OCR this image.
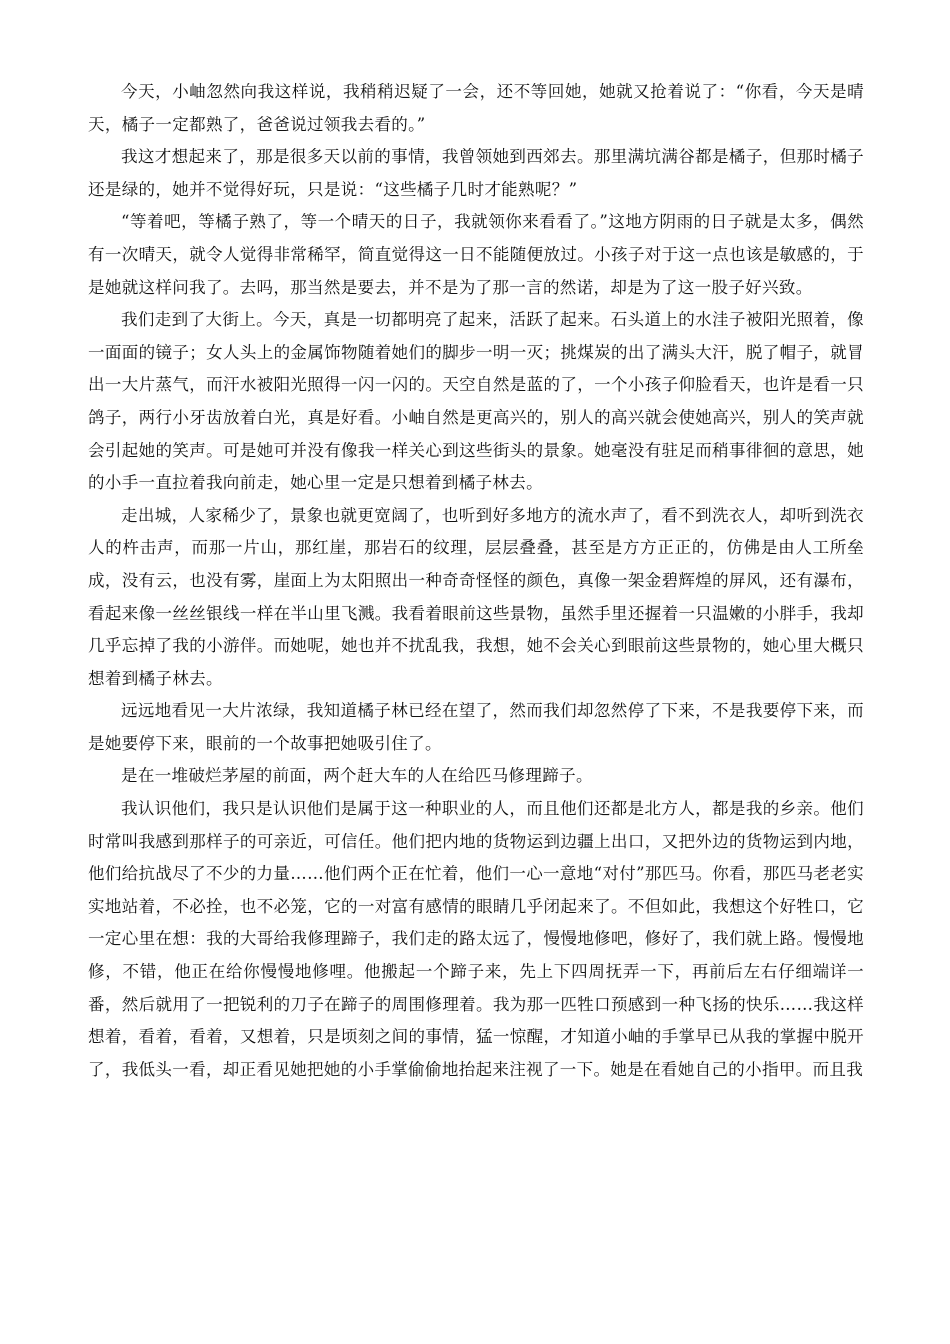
今天，小岫忽然向我这样说，我稍稍迟疑了一会，还不等回她，她就又抢着说了：“你看，今天是晴天，橘子一定都熟了，爸爸说过领我去看的。”

我这才想起来了，那是很多天以前的事情，我曾领她到西郊去。那里满坑满谷都是橘子，但那时橘子还是绿的，她并不觉得好玩，只是说：“这些橘子几时才能熟呢？”

“等着吧，等橘子熟了，等一个晴天的日子，我就领你来看看了。”这地方阴雨的日子就是太多，偶然有一次晴天，就令人觉得非常稀罕，简直觉得这一日不能随便放过。小孩子对于这一点也该是敏感的，于是她就这样问我了。去吗，那当然是要去，并不是为了那一言的然诺，却是为了这一股子好兴致。

我们走到了大街上。今天，真是一切都明亮了起来，活跃了起来。石头道上的水洼子被阳光照着，像一面面的镜子；女人头上的金属饰物随着她们的脚步一明一灭；挑煤炭的出了满头大汗，脱了帽子，就冒出一大片蒸气，而汗水被阳光照得一闪一闪的。天空自然是蓝的了，一个小孩子仰脸看天，也许是看一只鸽子，两行小牙齿放着白光，真是好看。小岫自然是更高兴的，别人的高兴就会使她高兴，别人的笑声就会引起她的笑声。可是她可并没有像我一样关心到这些街头的景象。她毫没有驻足而稍事徘徊的意思，她的小手一直拉着我向前走，她心里一定是只想着到橘子林去。

走出城，人家稀少了，景象也就更宽阔了，也听到好多地方的流水声了，看不到洗衣人，却听到洗衣人的杵击声，而那一片山，那红崖，那岩石的纹理，层层叠叠，甚至是方方正正的，仿佛是由人工所垒成，没有云，也没有雾，崖面上为太阳照出一种奇奇怪怪的颜色，真像一架金碧辉煌的屏风，还有瀑布，看起来像一丝丝银线一样在半山里飞溅。我看着眼前这些景物，虽然手里还握着一只温嫩的小胖手，我却几乎忘掉了我的小游伴。而她呢，她也并不扰乱我，我想，她不会关心到眼前这些景物的，她心里大概只想着到橘子林去。

远远地看见一大片浓绿，我知道橘子林已经在望了，然而我们却忽然停了下来，不是我要停下来，而是她要停下来，眼前的一个故事把她吸引住了。

是在一堆破烂茅屋的前面，两个赶大车的人在给匹马修理蹄子。

我认识他们，我只是认识他们是属于这一种职业的人，而且他们还都是北方人，都是我的乡亲。他们时常叫我感到那样子的可亲近，可信任。他们把内地的货物运到边疆上出口，又把外边的货物运到内地，他们给抗战尽了不少的力量……他们两个正在忙着，他们一心一意地“对付”那匹马。你看，那匹马老老实实地站着，不必拴，也不必笼，它的一对富有感情的眼睛几乎闭起来了。不但如此，我想这个好牲口，它一定心里在想：我的大哥给我修理蹄子，我们走的路太远了，慢慢地修吧，修好了，我们就上路。慢慢地修，不错，他正在给你慢慢地修哩。他搬起一个蹄子来，先上下四周抚弄一下，再前后左右仔细端详一番，然后就用了一把锐利的刀子在蹄子的周围修理着。我为那一匹牲口预感到一种飞扬的快乐……我这样想着，看着，看着，又想着，只是顷刻之间的事情，猛一惊醒，才知道小岫的手掌早已从我的掌握中脱开了，我低头一看，却正看见她把她的小手掌偷偷地抬起来注视了一下。她是在看她自己的小指甲。而且我
